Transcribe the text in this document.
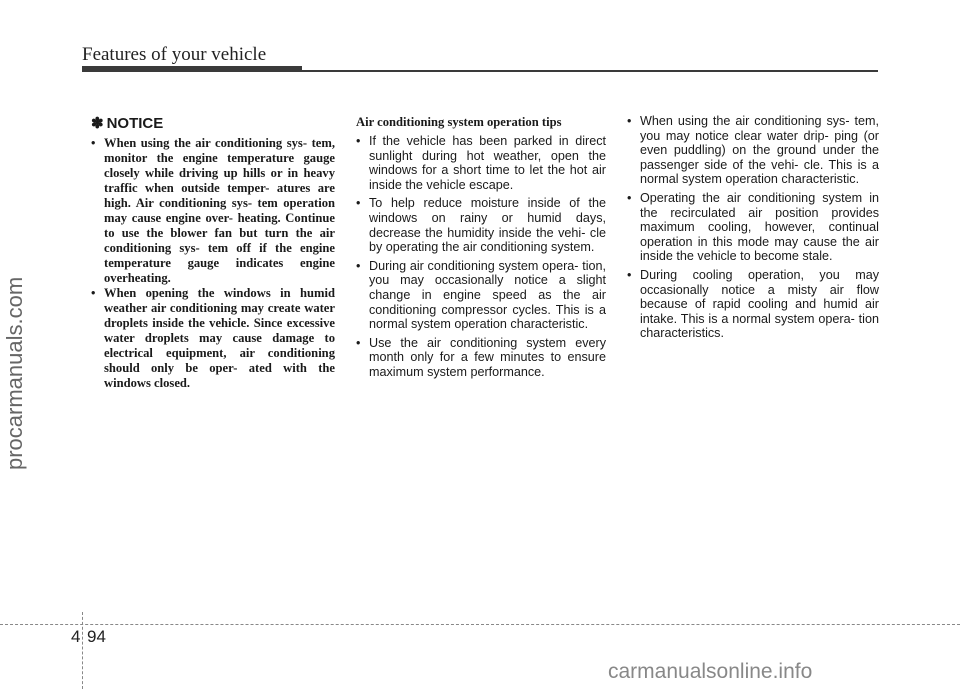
Features of your vehicle
procarmanuals.com
✽ NOTICE
• When using the air conditioning sys- tem, monitor the engine temperature gauge closely while driving up hills or in heavy traffic when outside temper- atures are high. Air conditioning sys- tem operation may cause engine over- heating. Continue to use the blower fan but turn the air conditioning sys- tem off if the engine temperature gauge indicates engine overheating.
• When opening the windows in humid weather air conditioning may create water droplets inside the vehicle. Since excessive water droplets may cause damage to electrical equipment, air conditioning should only be oper- ated with the windows closed.
Air conditioning system operation tips
• If the vehicle has been parked in direct sunlight during hot weather, open the windows for a short time to let the hot air inside the vehicle escape.
• To help reduce moisture inside of the windows on rainy or humid days, decrease the humidity inside the vehi- cle by operating the air conditioning system.
• During air conditioning system opera- tion, you may occasionally notice a slight change in engine speed as the air conditioning compressor cycles. This is a normal system operation characteristic.
• Use the air conditioning system every month only for a few minutes to ensure maximum system performance.
• When using the air conditioning sys- tem, you may notice clear water drip- ping (or even puddling) on the ground under the passenger side of the vehi- cle. This is a normal system operation characteristic.
• Operating the air conditioning system in the recirculated air position provides maximum cooling, however, continual operation in this mode may cause the air inside the vehicle to become stale.
• During cooling operation, you may occasionally notice a misty air flow because of rapid cooling and humid air intake. This is a normal system opera- tion characteristics.
4 94
carmanualsonline.info
